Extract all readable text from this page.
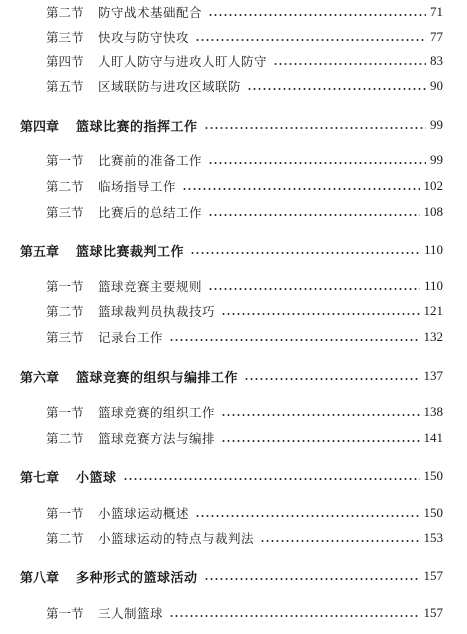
第二节	防守战术基础配合	71
第三节	快攻与防守快攻	77
第四节	人盯人防守与进攻人盯人防守	83
第五节	区域联防与进攻区域联防	90
第四章	篮球比赛的指挥工作	99
第一节	比赛前的准备工作	99
第二节	临场指导工作	102
第三节	比赛后的总结工作	108
第五章	篮球比赛裁判工作	110
第一节	篮球竞赛主要规则	110
第二节	篮球裁判员执裁技巧	121
第三节	记录台工作	132
第六章	篮球竞赛的组织与编排工作	137
第一节	篮球竞赛的组织工作	138
第二节	篮球竞赛方法与编排	141
第七章	小篮球	150
第一节	小篮球运动概述	150
第二节	小篮球运动的特点与裁判法	153
第八章	多种形式的篮球活动	157
第一节	三人制篮球	157
